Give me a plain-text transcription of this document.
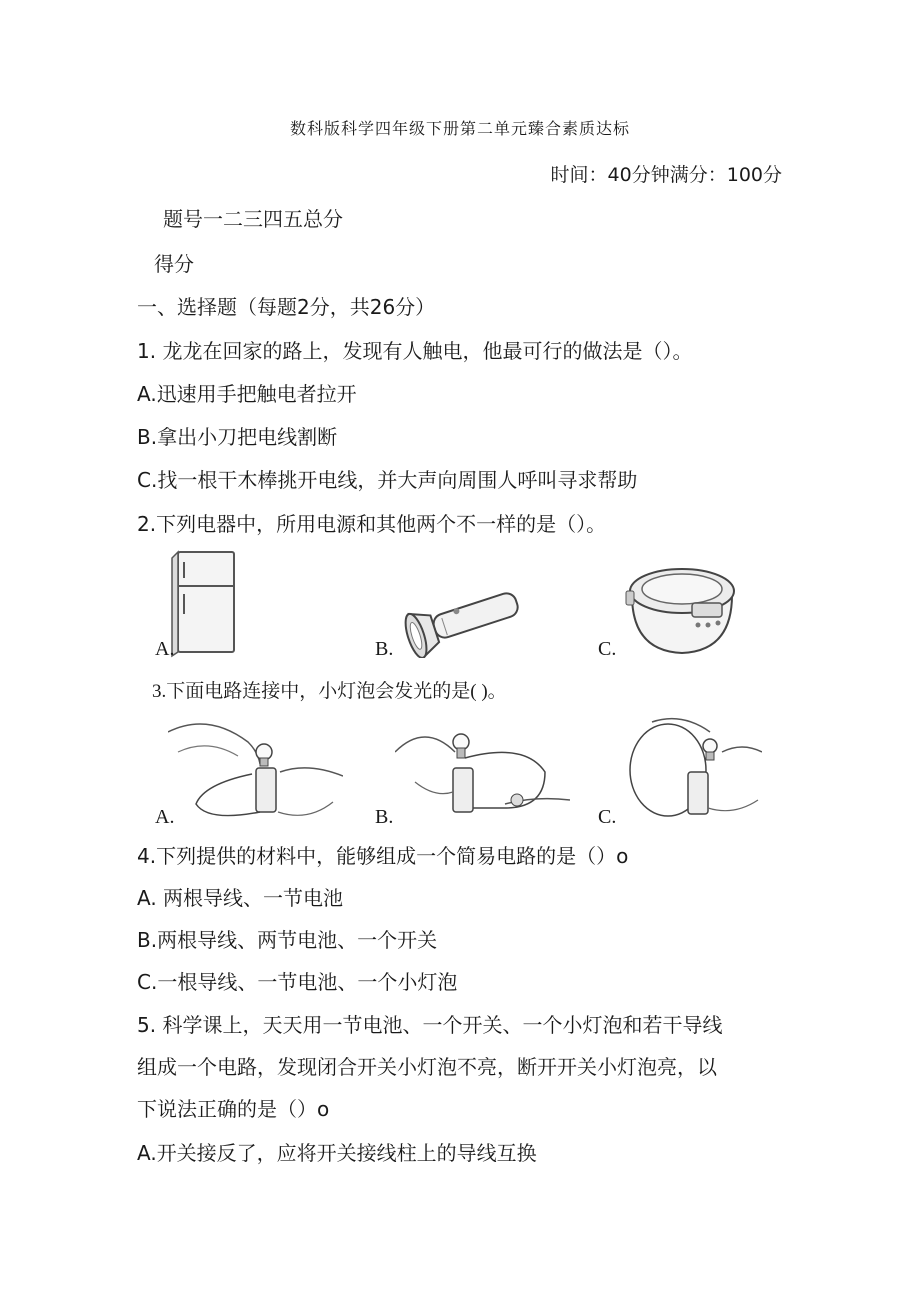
数科版科学四年级下册第二单元臻合素质达标
时间：40分钟满分：100分
题号一二三四五总分
得分
一、选择题（每题2分，共26分）
1. 龙龙在回家的路上，发现有人触电，他最可行的做法是（）。
A.迅速用手把触电者拉开
B.拿出小刀把电线割断
C.找一根干木棒挑开电线，并大声向周围人呼叫寻求帮助
2.下列电器中，所用电源和其他两个不一样的是（）。
A.	B.	C.
3.下面电路连接中，小灯泡会发光的是( )。
A.	B.	C.
4.下列提供的材料中，能够组成一个简易电路的是（）o
A. 两根导线、一节电池
B.两根导线、两节电池、一个开关
C.一根导线、一节电池、一个小灯泡
5. 科学课上，天天用一节电池、一个开关、一个小灯泡和若干导线
组成一个电路，发现闭合开关小灯泡不亮，断开开关小灯泡亮，以
下说法正确的是（）o
A.开关接反了，应将开关接线柱上的导线互换
